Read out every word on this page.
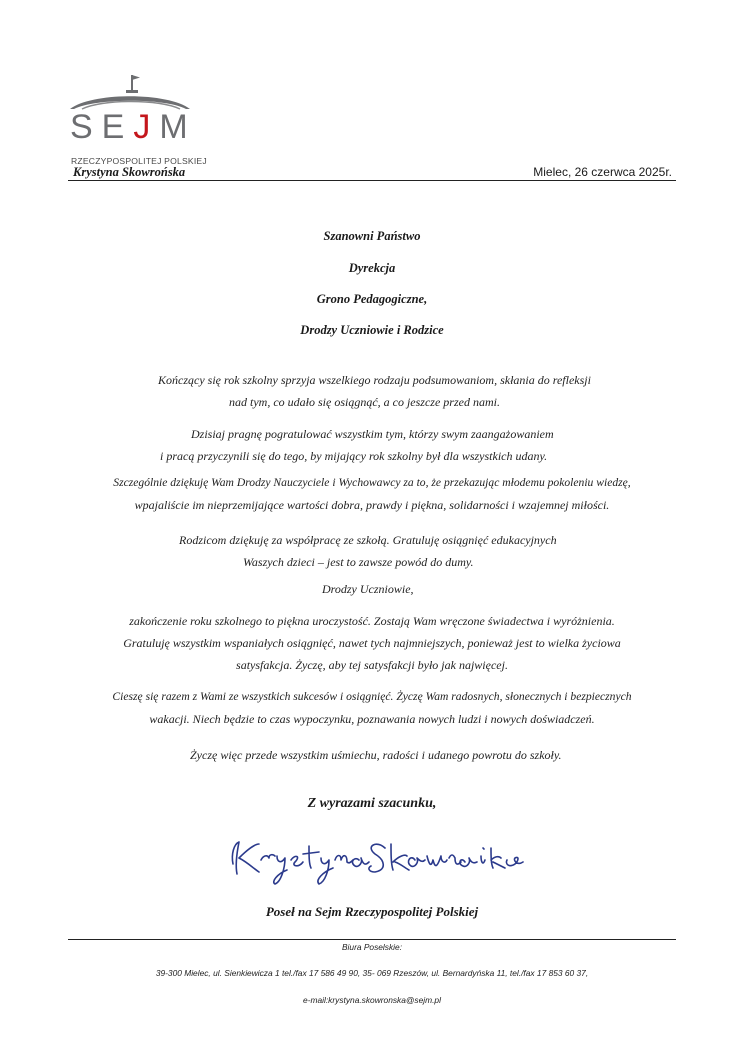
SEJM
RZECZYPOSPOLITEJ POLSKIEJ
Krystyna Skowrońska	Mielec, 26 czerwca 2025r.
Szanowni Państwo
Dyrekcja
Grono Pedagogiczne,
Drodzy Uczniowie i Rodzice
Kończący się rok szkolny sprzyja wszelkiego rodzaju podsumowaniom, skłania do refleksji
nad tym, co udało się osiągnąć, a co jeszcze przed nami.
Dzisiaj pragnę pogratulować wszystkim tym, którzy swym zaangażowaniem
i pracą przyczynili się do tego, by mijający rok szkolny był dla wszystkich udany.
Szczególnie dziękuję Wam Drodzy Nauczyciele i Wychowawcy za to, że przekazując młodemu pokoleniu wiedzę,
wpajaliście im nieprzemijające wartości dobra, prawdy i piękna, solidarności i wzajemnej miłości.
Rodzicom dziękuję za współpracę ze szkołą. Gratuluję osiągnięć edukacyjnych
Waszych dzieci – jest to zawsze powód do dumy.
Drodzy Uczniowie,
zakończenie roku szkolnego to piękna uroczystość. Zostają Wam wręczone świadectwa i wyróżnienia.
Gratuluję wszystkim wspaniałych osiągnięć, nawet tych najmniejszych, ponieważ jest to wielka życiowa
satysfakcja. Życzę, aby tej satysfakcji było jak najwięcej.
Cieszę się razem z Wami ze wszystkich sukcesów i osiągnięć. Życzę Wam radosnych, słonecznych i bezpiecznych
wakacji. Niech będzie to czas wypoczynku, poznawania nowych ludzi i nowych doświadczeń.
Życzę więc przede wszystkim uśmiechu, radości i udanego powrotu do szkoły.
Z wyrazami szacunku,
Poseł na Sejm Rzeczypospolitej Polskiej
Biura Poselskie:
39-300 Mielec, ul. Sienkiewicza 1 tel./fax 17 586 49 90, 35- 069 Rzeszów, ul. Bernardyńska 11, tel./fax 17 853 60 37,
e-mail:krystyna.skowronska@sejm.pl
